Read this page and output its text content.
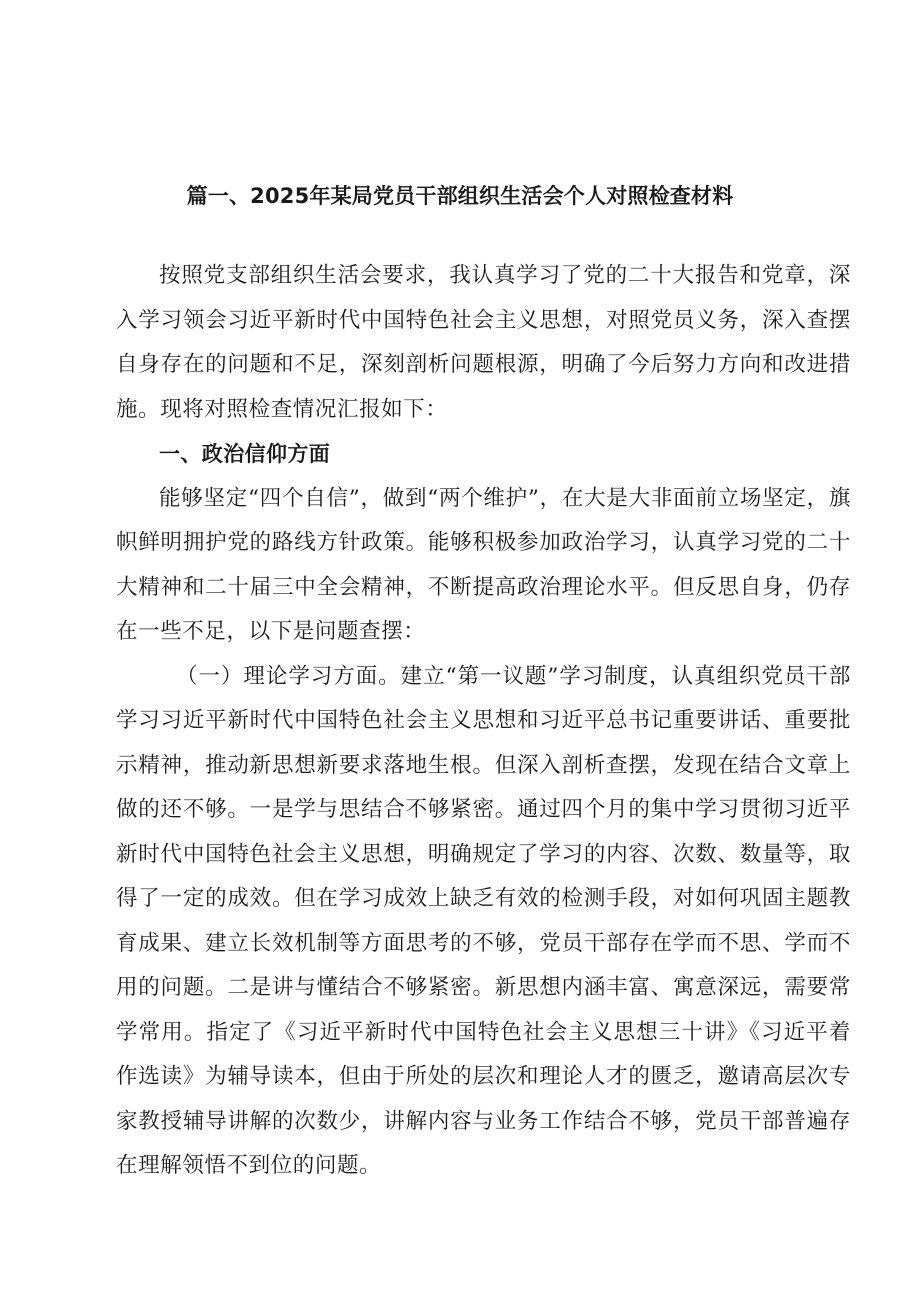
篇一、2025年某局党员干部组织生活会个人对照检查材料

按照党支部组织生活会要求，我认真学习了党的二十大报告和党章，深入学习领会习近平新时代中国特色社会主义思想，对照党员义务，深入查摆自身存在的问题和不足，深刻剖析问题根源，明确了今后努力方向和改进措施。现将对照检查情况汇报如下：

一、政治信仰方面

能够坚定“四个自信”，做到“两个维护”，在大是大非面前立场坚定，旗帜鲜明拥护党的路线方针政策。能够积极参加政治学习，认真学习党的二十大精神和二十届三中全会精神，不断提高政治理论水平。但反思自身，仍存在一些不足，以下是问题查摆：

（一）理论学习方面。建立“第一议题”学习制度，认真组织党员干部学习习近平新时代中国特色社会主义思想和习近平总书记重要讲话、重要批示精神，推动新思想新要求落地生根。但深入剖析查摆，发现在结合文章上做的还不够。一是学与思结合不够紧密。通过四个月的集中学习贯彻习近平新时代中国特色社会主义思想，明确规定了学习的内容、次数、数量等，取得了一定的成效。但在学习成效上缺乏有效的检测手段，对如何巩固主题教育成果、建立长效机制等方面思考的不够，党员干部存在学而不思、学而不用的问题。二是讲与懂结合不够紧密。新思想内涵丰富、寓意深远，需要常学常用。指定了《习近平新时代中国特色社会主义思想三十讲》《习近平着作选读》为辅导读本，但由于所处的层次和理论人才的匮乏，邀请高层次专家教授辅导讲解的次数少，讲解内容与业务工作结合不够，党员干部普遍存在理解领悟不到位的问题。
